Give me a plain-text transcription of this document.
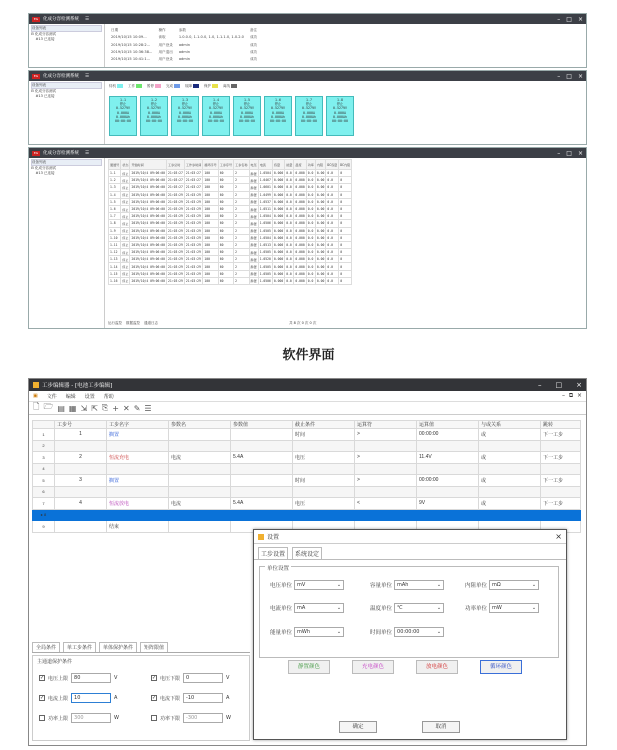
EG	化成分容检测系统 ☰	– □ ×
设备列表
⊟ 化成分容测试
#13 已连接
日期	操作	参数	备注
2019/10/15 10:09...	读取	1.0.0.0, 1.1.0.0, 1.0, 1.1.1.0, 1.0.2.0	成功
2019/10/15 10:28:2...	用户登录	admin	成功
2019/10/15 10:36:38...	用户退出	admin	成功
2019/10/15 10:41:1...	用户登录	admin	成功
EG	化成分容检测系统 ☰	– □ ×
设备列表
⊟ 化成分容测试
#13 已连接
待机	工作	暂停	完成	故障	保护	离线
1-1
停止
0.5279V
0.000A
0.000Ah
00:00:00
1-2
停止
0.5279V
0.000A
0.000Ah
00:00:00
1-3
停止
0.5279V
0.000A
0.000Ah
00:00:00
1-4
停止
0.5279V
0.000A
0.000Ah
00:00:00
1-5
停止
0.5279V
0.000A
0.000Ah
00:00:00
1-6
停止
0.5279V
0.000A
0.000Ah
00:00:00
1-7
停止
0.5279V
0.000A
0.000Ah
00:00:00
1-8
停止
0.5279V
0.000A
0.000Ah
00:00:00
EG	化成分容检测系统 ☰	– □ ×
设备列表
⊟ 化成分容测试
#13 已连接
通道号	状态	开始时间	工步总时	工作步时间	循环序号	工步序号	工步名称	电压	电流	容量	能量	温度	功率	内阻	DC容量	DC内阻
1-1	停止	2019/10/4 09:06:00	21:03:27	21:03:27	100	60	2	静置	1.0504	0.000	0.0	0.000	0.0	0.00	0.0	0
1-2	停止	2019/10/4 09:06:00	21:03:27	21:03:27	100	60	2	静置	1.0467	0.000	0.0	0.000	0.0	0.00	0.0	0
1-3	停止	2019/10/4 09:06:00	21:03:27	21:03:27	100	60	2	静置	1.0601	0.000	0.0	0.000	0.0	0.00	0.0	0
1-4	停止	2019/10/4 09:06:00	21:03:29	21:03:29	100	60	2	静置	1.0499	0.000	0.0	0.000	0.0	0.00	0.0	0
1-5	停止	2019/10/4 09:06:00	21:03:29	21:03:29	100	60	2	静置	1.0537	0.000	0.0	0.000	0.0	0.00	0.0	0
1-6	停止	2019/10/4 09:06:00	21:03:29	21:03:29	100	60	2	静置	1.0511	0.000	0.0	0.000	0.0	0.00	0.0	0
1-7	停止	2019/10/4 09:06:00	21:03:29	21:03:29	100	60	2	静置	1.0504	0.000	0.0	0.000	0.0	0.00	0.0	0
1-8	停止	2019/10/4 09:06:00	21:03:29	21:03:29	100	60	2	静置	1.0506	0.000	0.0	0.000	0.0	0.00	0.0	0
1-9	停止	2019/10/4 09:06:00	21:03:29	21:03:29	100	60	2	静置	1.0505	0.000	0.0	0.000	0.0	0.00	0.0	0
1-10	停止	2019/10/4 09:06:00	21:03:29	21:03:29	100	60	2	静置	1.0504	0.000	0.0	0.000	0.0	0.00	0.0	0
1-11	停止	2019/10/4 09:06:00	21:03:29	21:03:29	100	60	2	静置	1.0513	0.000	0.0	0.000	0.0	0.00	0.0	0
1-12	停止	2019/10/4 09:06:00	21:03:29	21:03:29	100	60	2	静置	1.0505	0.000	0.0	0.000	0.0	0.00	0.0	0
1-13	停止	2019/10/4 09:06:00	21:03:29	21:03:29	100	60	2	静置	1.0520	0.000	0.0	0.000	0.0	0.00	0.0	0
1-14	停止	2019/10/4 09:06:00	21:03:29	21:03:29	100	60	2	静置	1.0505	0.000	0.0	0.000	0.0	0.00	0.0	0
1-15	停止	2019/10/4 09:06:00	21:03:29	21:03:29	100	60	2	静置	1.0505	0.000	0.0	0.000	0.0	0.00	0.0	0
1-16	停止	2019/10/4 09:06:00	21:03:29	21:03:29	100	60	2	静置	1.0506	0.000	0.0	0.000	0.0	0.00	0.0	0
运行监控 数据监控 通道日志	共 8 次 0 次 0 次
软件界面
工步编辑器 - [电池工步编辑]	– □ ×
▣ 文件 编辑 设置 帮助	–  ⧉  ×
🗋 🗁 ▤ ▦ ⇲ ⇱ ⎘ + ✕ ✎ ☰
	工步号	工步名字	参数名	参数值	截止条件	运算符	运算值	与或关系	跳转
1	1	搁置			时间	>	00:00:00	或	下一工步
2									
3	2	恒流充电	电流	5.4A	电压	>	11.4V	或	下一工步
4									
5	3	搁置			时间	>	00:00:00	或	下一工步
6									
7	4	恒流放电	电流	5.4A	电压	<	9V	或	下一工步
▸ 8									
9		结束							
全局条件	单工步条件	单体保护条件	矩阵限值
主通道保护条件
✓ 电压上限	80	V	✓ 电压下限	0	V
✓ 电流上限	10	A	✓ 电流下限	-10	A
功率上限	300	W	功率下限	-300	W
设置	×
工步设置	系统设定
单位设置
电压单位 mV	⌄	容量单位 mAh	⌄	内阻单位 mΩ	⌄
电流单位 mA	⌄	温度单位 ℃	⌄	功率单位 mW	⌄
能量单位 mWh	⌄	时间单位 00:00:00	⌄
静置颜色	充电颜色	放电颜色	循环颜色
确定	取消
